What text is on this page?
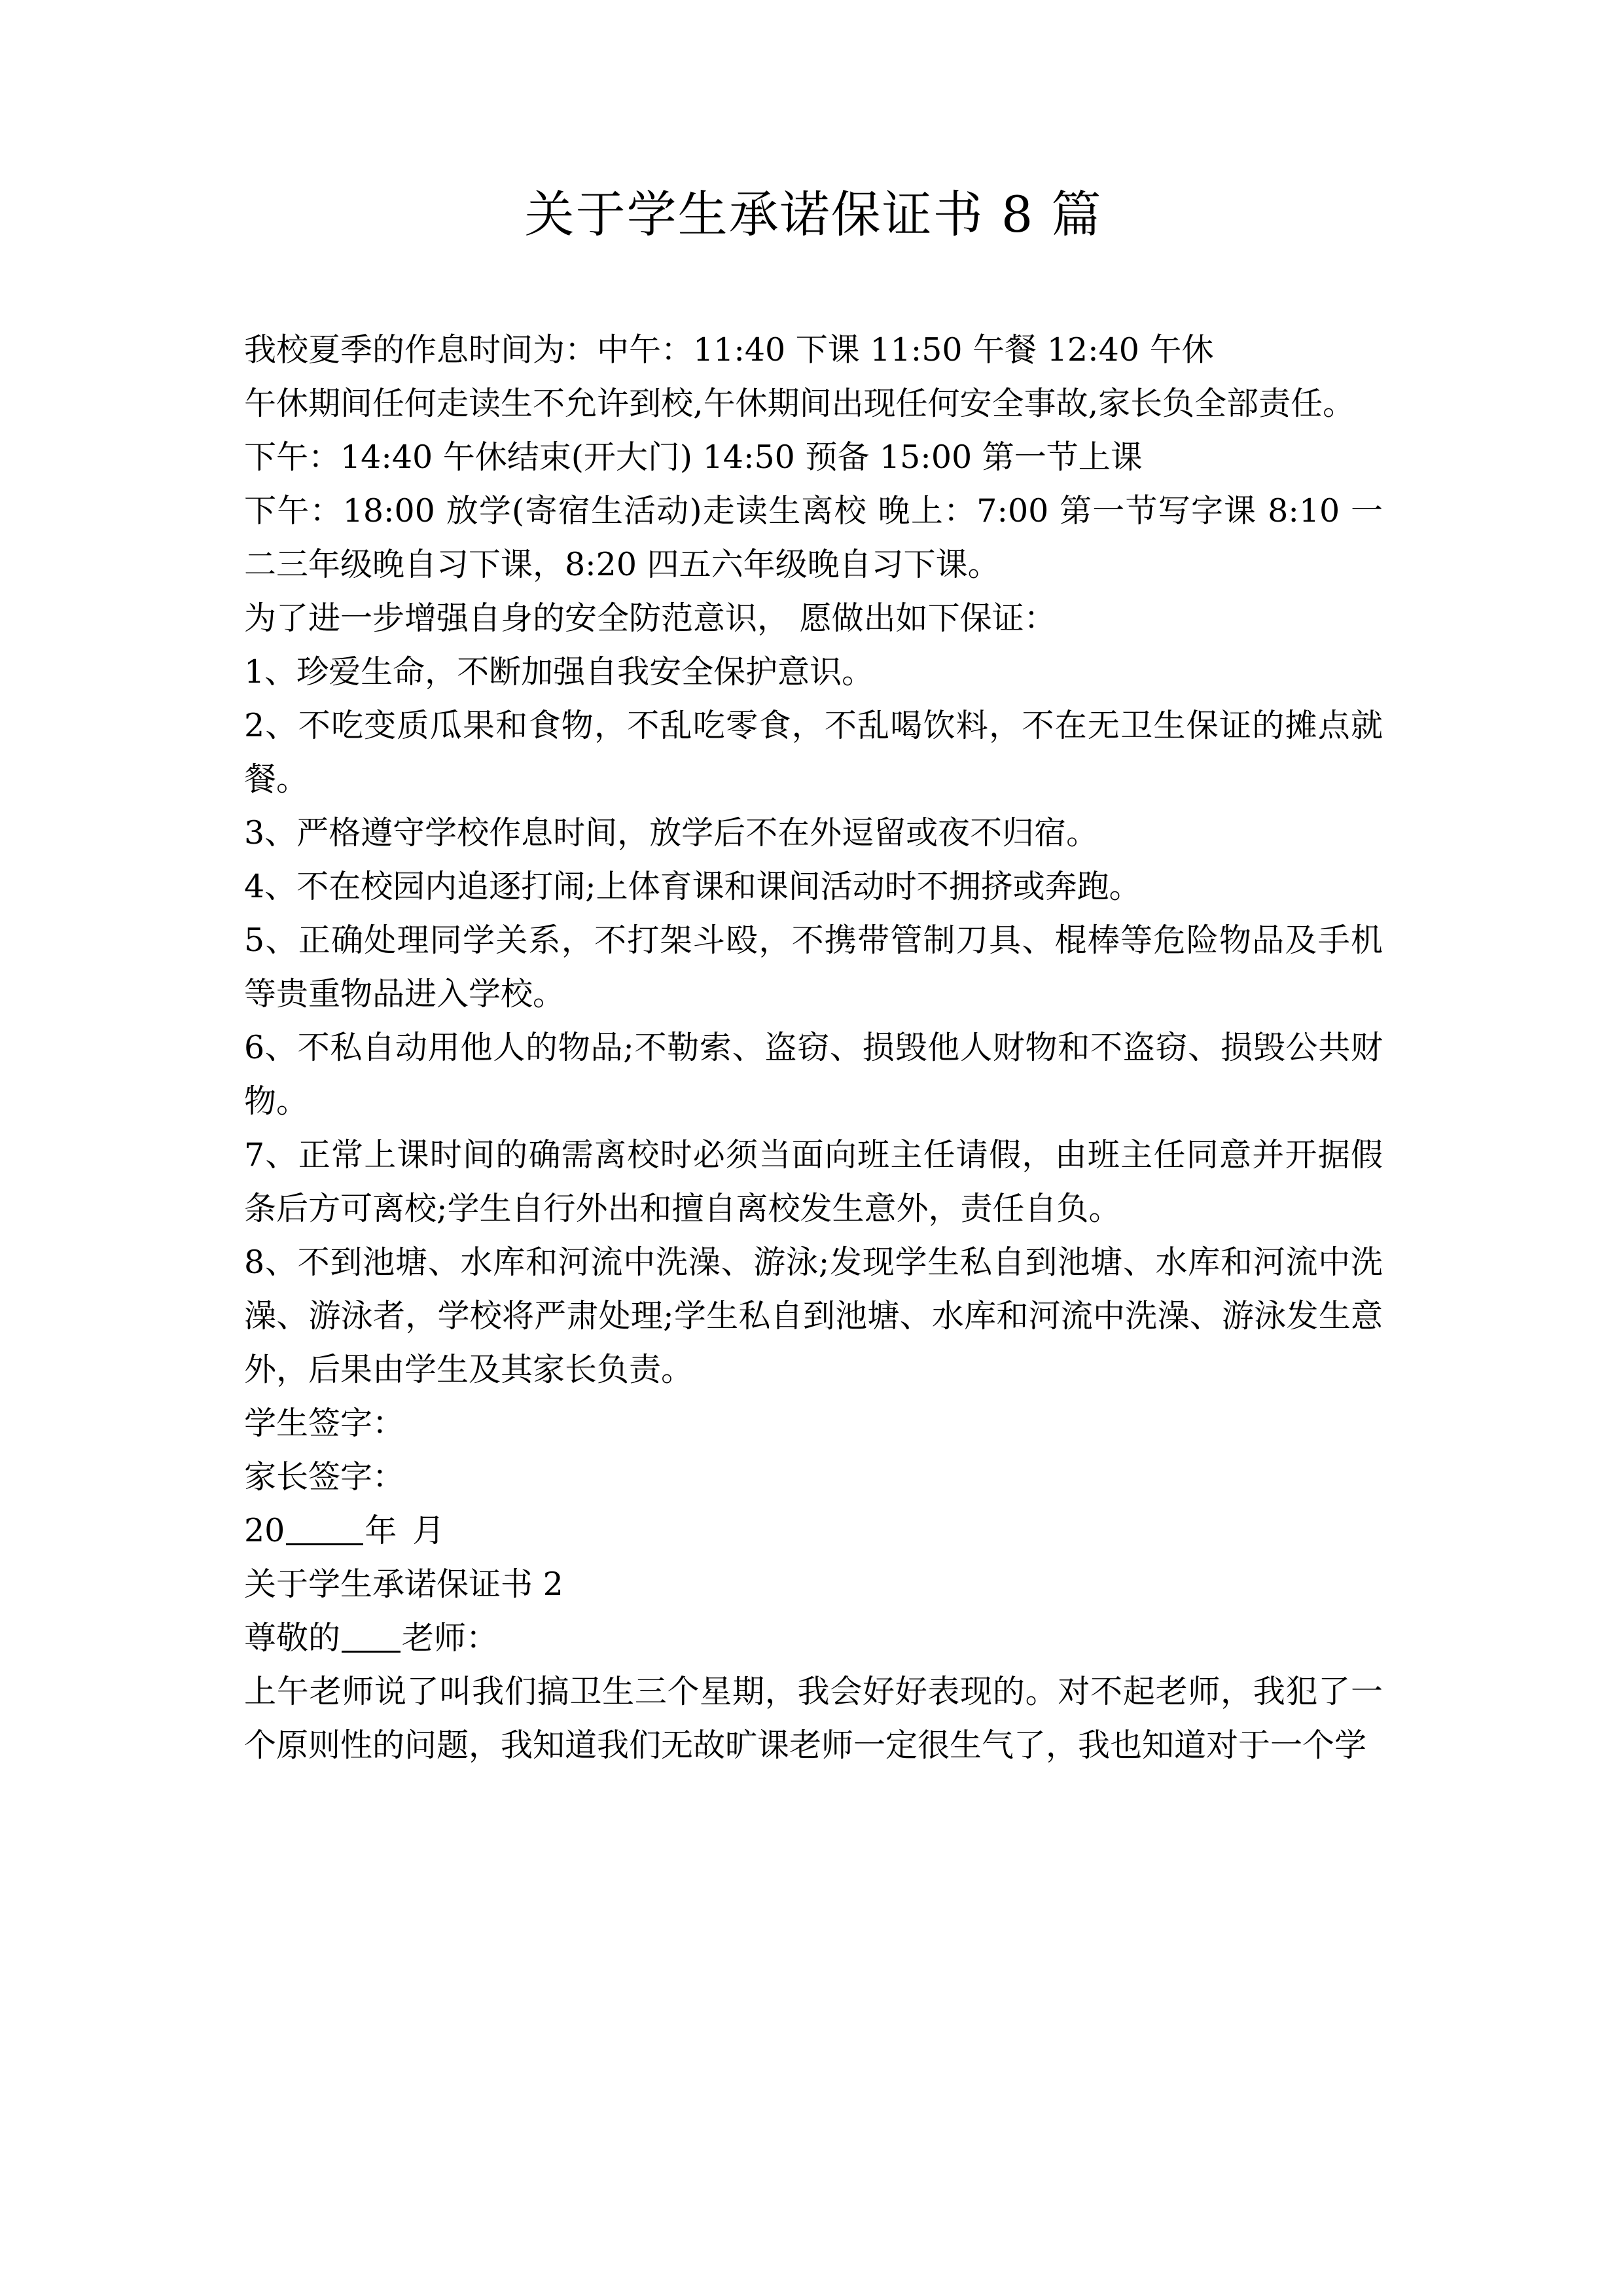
关于学生承诺保证书 8 篇

我校夏季的作息时间为：中午：11:40 下课 11:50 午餐 12:40 午休

午休期间任何走读生不允许到校,午休期间出现任何安全事故,家长负全部责任。

下午：14:40 午休结束(开大门) 14:50 预备 15:00 第一节上课

下午：18:00 放学(寄宿生活动)走读生离校 晚上：7:00 第一节写字课 8:10 一二三年级晚自习下课，8:20 四五六年级晚自习下课。

为了进一步增强自身的安全防范意识， 愿做出如下保证：

1、珍爱生命，不断加强自我安全保护意识。

2、不吃变质瓜果和食物，不乱吃零食，不乱喝饮料，不在无卫生保证的摊点就餐。

3、严格遵守学校作息时间，放学后不在外逗留或夜不归宿。

4、不在校园内追逐打闹;上体育课和课间活动时不拥挤或奔跑。

5、正确处理同学关系，不打架斗殴，不携带管制刀具、棍棒等危险物品及手机等贵重物品进入学校。

6、不私自动用他人的物品;不勒索、盗窃、损毁他人财物和不盗窃、损毁公共财物。

7、正常上课时间的确需离校时必须当面向班主任请假，由班主任同意并开据假条后方可离校;学生自行外出和擅自离校发生意外，责任自负。

8、不到池塘、水库和河流中洗澡、游泳;发现学生私自到池塘、水库和河流中洗澡、游泳者，学校将严肃处理;学生私自到池塘、水库和河流中洗澡、游泳发生意外，后果由学生及其家长负责。

学生签字：

家长签字：

20 年 月

关于学生承诺保证书 2

尊敬的 老师：

上午老师说了叫我们搞卫生三个星期，我会好好表现的。对不起老师，我犯了一个原则性的问题，我知道我们无故旷课老师一定很生气了，我也知道对于一个学
